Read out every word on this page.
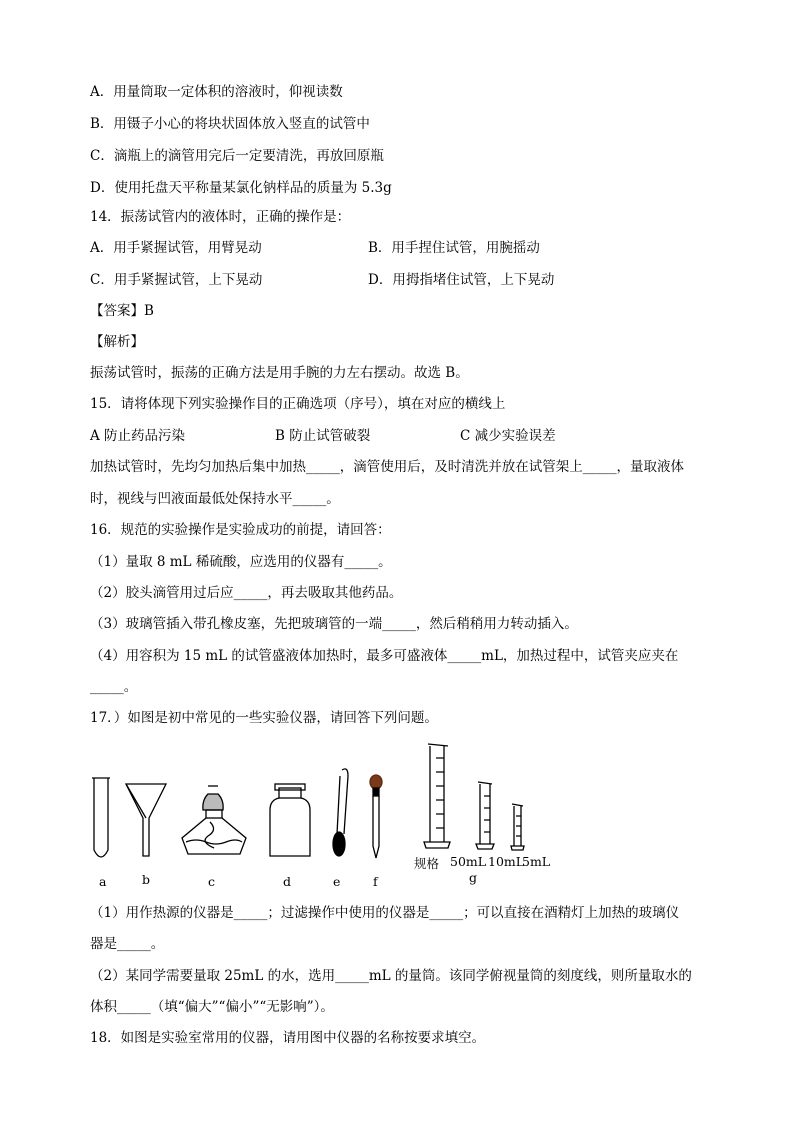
A．用量筒取一定体积的溶液时，仰视读数
B．用镊子小心的将块状固体放入竖直的试管中
C．滴瓶上的滴管用完后一定要清洗，再放回原瓶
D．使用托盘天平称量某氯化钠样品的质量为 5.3g
14．振荡试管内的液体时，正确的操作是：
A．用手紧握试管，用臂晃动	B．用手捏住试管，用腕摇动
C．用手紧握试管，上下晃动	D．用拇指堵住试管，上下晃动
【答案】B
【解析】
振荡试管时，振荡的正确方法是用手腕的力左右摆动。故选 B。
15．请将体现下列实验操作目的正确选项（序号），填在对应的横线上
A 防止药品污染	B 防止试管破裂	C 减少实验误差
加热试管时，先均匀加热后集中加热_____，滴管使用后，及时清洗并放在试管架上_____，量取液体
时，视线与凹液面最低处保持水平_____。
16．规范的实验操作是实验成功的前提，请回答：
（1）量取 8 mL 稀硫酸，应选用的仪器有_____。
（2）胶头滴管用过后应_____，再去吸取其他药品。
（3）玻璃管插入带孔橡皮塞，先把玻璃管的一端_____，然后稍稍用力转动插入。
（4）用容积为 15 mL 的试管盛液体加热时，最多可盛液体_____mL，加热过程中，试管夹应夹在
_____。
17．）如图是初中常见的一些实验仪器，请回答下列问题。
规格 50mL 10mL
5mL
a	b	c	d	e	f	g
（1）用作热源的仪器是_____；过滤操作中使用的仪器是_____；可以直接在酒精灯上加热的玻璃仪
器是_____。
（2）某同学需要量取 25mL 的水，选用_____mL 的量筒。该同学俯视量筒的刻度线，则所量取水的
体积_____（填“偏大”“偏小”“无影响”）。
18．如图是实验室常用的仪器，请用图中仪器的名称按要求填空。
